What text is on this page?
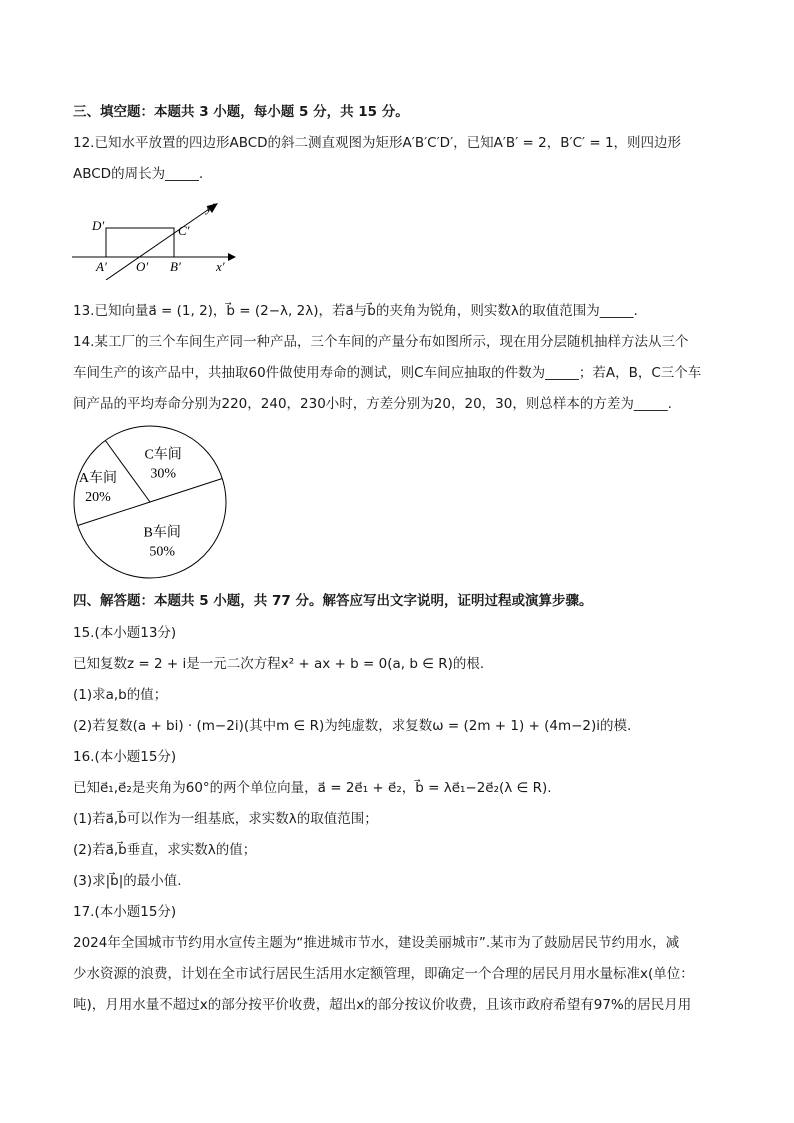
三、填空题：本题共 3 小题，每小题 5 分，共 15 分。
12.已知水平放置的四边形ABCD的斜二测直观图为矩形A′B′C′D′，已知A′B′ = 2，B′C′ = 1，则四边形
ABCD的周长为_____.
D′	C′
A′ O′ B′	x′
y′
13.已知向量a⃗ = (1, 2)，b⃗ = (2−λ, 2λ)，若a⃗与b⃗的夹角为锐角，则实数λ的取值范围为_____.
14.某工厂的三个车间生产同一种产品，三个车间的产量分布如图所示，现在用分层随机抽样方法从三个
车间生产的该产品中，共抽取60件做使用寿命的测试，则C车间应抽取的件数为_____；若A，B，C三个车
间产品的平均寿命分别为220，240，230小时，方差分别为20，20，30，则总样本的方差为_____.
C车间
30%
A车间
20%
B车间
50%
四、解答题：本题共 5 小题，共 77 分。解答应写出文字说明，证明过程或演算步骤。
15.(本小题13分)
已知复数z = 2 + i是一元二次方程x² + ax + b = 0(a, b ∈ R)的根.
(1)求a,b的值；
(2)若复数(a + bi) · (m−2i)(其中m ∈ R)为纯虚数，求复数ω = (2m + 1) + (4m−2)i的模.
16.(本小题15分)
已知e⃗₁,e⃗₂是夹角为60°的两个单位向量，a⃗ = 2e⃗₁ + e⃗₂，b⃗ = λe⃗₁−2e⃗₂(λ ∈ R).
(1)若a⃗,b⃗可以作为一组基底，求实数λ的取值范围；
(2)若a⃗,b⃗垂直，求实数λ的值；
(3)求|b⃗|的最小值.
17.(本小题15分)
2024年全国城市节约用水宣传主题为“推进城市节水，建设美丽城市”.某市为了鼓励居民节约用水，减
少水资源的浪费，计划在全市试行居民生活用水定额管理，即确定一个合理的居民月用水量标准x(单位：
吨)，月用水量不超过x的部分按平价收费，超出x的部分按议价收费，且该市政府希望有97%的居民月用
